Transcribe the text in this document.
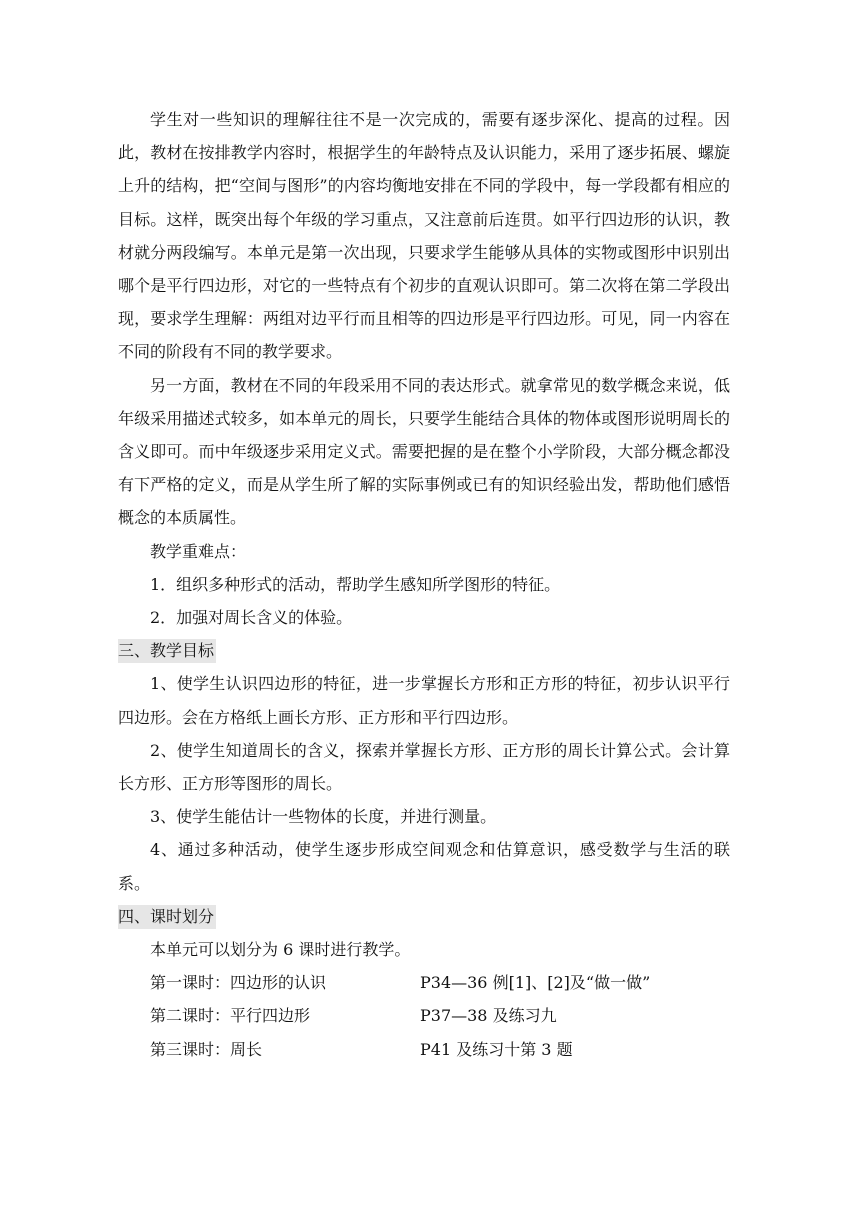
学生对一些知识的理解往往不是一次完成的，需要有逐步深化、提高的过程。因此，教材在按排教学内容时，根据学生的年龄特点及认识能力，采用了逐步拓展、螺旋上升的结构，把“空间与图形”的内容均衡地安排在不同的学段中，每一学段都有相应的目标。这样，既突出每个年级的学习重点，又注意前后连贯。如平行四边形的认识，教材就分两段编写。本单元是第一次出现，只要求学生能够从具体的实物或图形中识别出哪个是平行四边形，对它的一些特点有个初步的直观认识即可。第二次将在第二学段出现，要求学生理解：两组对边平行而且相等的四边形是平行四边形。可见，同一内容在不同的阶段有不同的教学要求。

另一方面，教材在不同的年段采用不同的表达形式。就拿常见的数学概念来说，低年级采用描述式较多，如本单元的周长，只要学生能结合具体的物体或图形说明周长的含义即可。而中年级逐步采用定义式。需要把握的是在整个小学阶段，大部分概念都没有下严格的定义，而是从学生所了解的实际事例或已有的知识经验出发，帮助他们感悟概念的本质属性。

教学重难点：

1．组织多种形式的活动，帮助学生感知所学图形的特征。

2．加强对周长含义的体验。

三、教学目标

1、使学生认识四边形的特征，进一步掌握长方形和正方形的特征，初步认识平行四边形。会在方格纸上画长方形、正方形和平行四边形。

2、使学生知道周长的含义，探索并掌握长方形、正方形的周长计算公式。会计算长方形、正方形等图形的周长。

3、使学生能估计一些物体的长度，并进行测量。

4、通过多种活动，使学生逐步形成空间观念和估算意识，感受数学与生活的联系。

四、课时划分

本单元可以划分为 6 课时进行教学。

第一课时：四边形的认识	P34—36 例[1]、[2]及“做一做”
第二课时：平行四边形	P37—38 及练习九
第三课时：周长	P41 及练习十第 3 题
